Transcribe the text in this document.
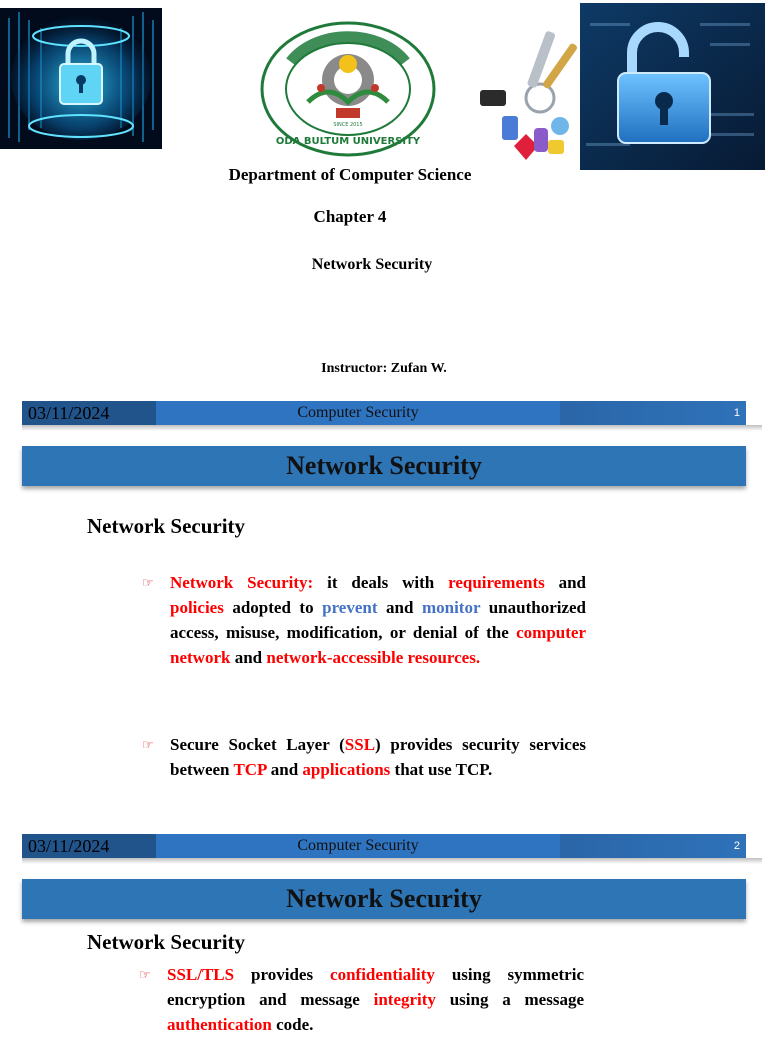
ODA BULTUM UNIVERSITY
SINCE 2015
Department of Computer Science
Chapter 4
Network Security
Instructor: Zufan W.
03/11/2024	Computer Security	1
Network Security
Network Security
☞ Network Security: it deals with requirements and policies adopted to prevent and monitor unauthorized access, misuse, modification, or denial of the computer network and network-accessible resources.
☞ Secure Socket Layer (SSL) provides security services between TCP and applications that use TCP.
03/11/2024	Computer Security	2
Network Security
Network Security
☞ SSL/TLS provides confidentiality using symmetric encryption and message integrity using a message authentication code.
